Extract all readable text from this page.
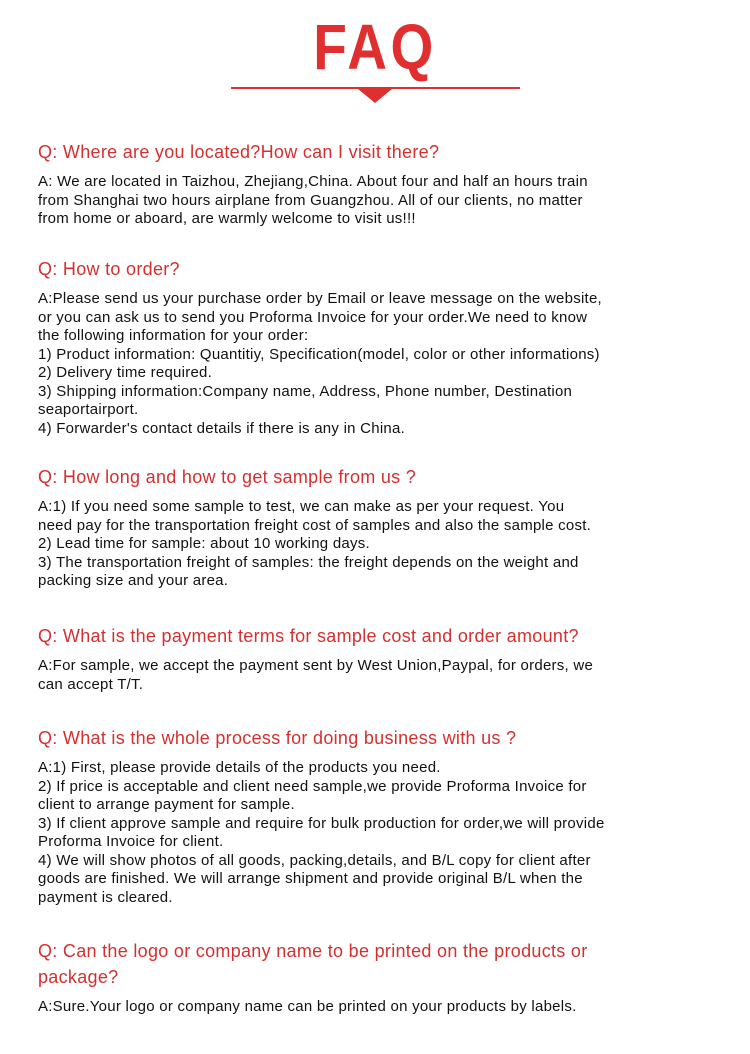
FAQ
Q: Where are you located?How can I visit there?
A: We are located in Taizhou, Zhejiang,China. About four and half an hours train
from Shanghai two hours airplane from Guangzhou. All of our clients, no matter
from home or aboard, are warmly welcome to visit us!!!
Q: How to order?
A:Please send us your purchase order by Email or leave message on the website,
or you can ask us to send you Proforma Invoice for your order.We need to know
the following information for your order:
1) Product information: Quantitiy, Specification(model, color or other informations)
2) Delivery time required.
3) Shipping information:Company name, Address, Phone number, Destination
seaportairport.
4) Forwarder's contact details if there is any in China.
Q: How long and how to get sample from us ?
A:1) If you need some sample to test, we can make as per your request. You
need pay for the transportation freight cost of samples and also the sample cost.
2) Lead time for sample: about 10 working days.
3) The transportation freight of samples: the freight depends on the weight and
packing size and your area.
Q: What is the payment terms for sample cost and order amount?
A:For sample, we accept the payment sent by West Union,Paypal, for orders, we
can accept T/T.
Q: What is the whole process for doing business with us ?
A:1) First, please provide details of the products you need.
2) If price is acceptable and client need sample,we provide Proforma Invoice for
client to arrange payment for sample.
3) If client approve sample and require for bulk production for order,we will provide
Proforma Invoice for client.
4) We will show photos of all goods, packing,details, and B/L copy for client after
goods are finished. We will arrange shipment and provide original B/L when the
payment is cleared.
Q: Can the logo or company name to be printed on the products or
package?
A:Sure.Your logo or company name can be printed on your products by labels.
